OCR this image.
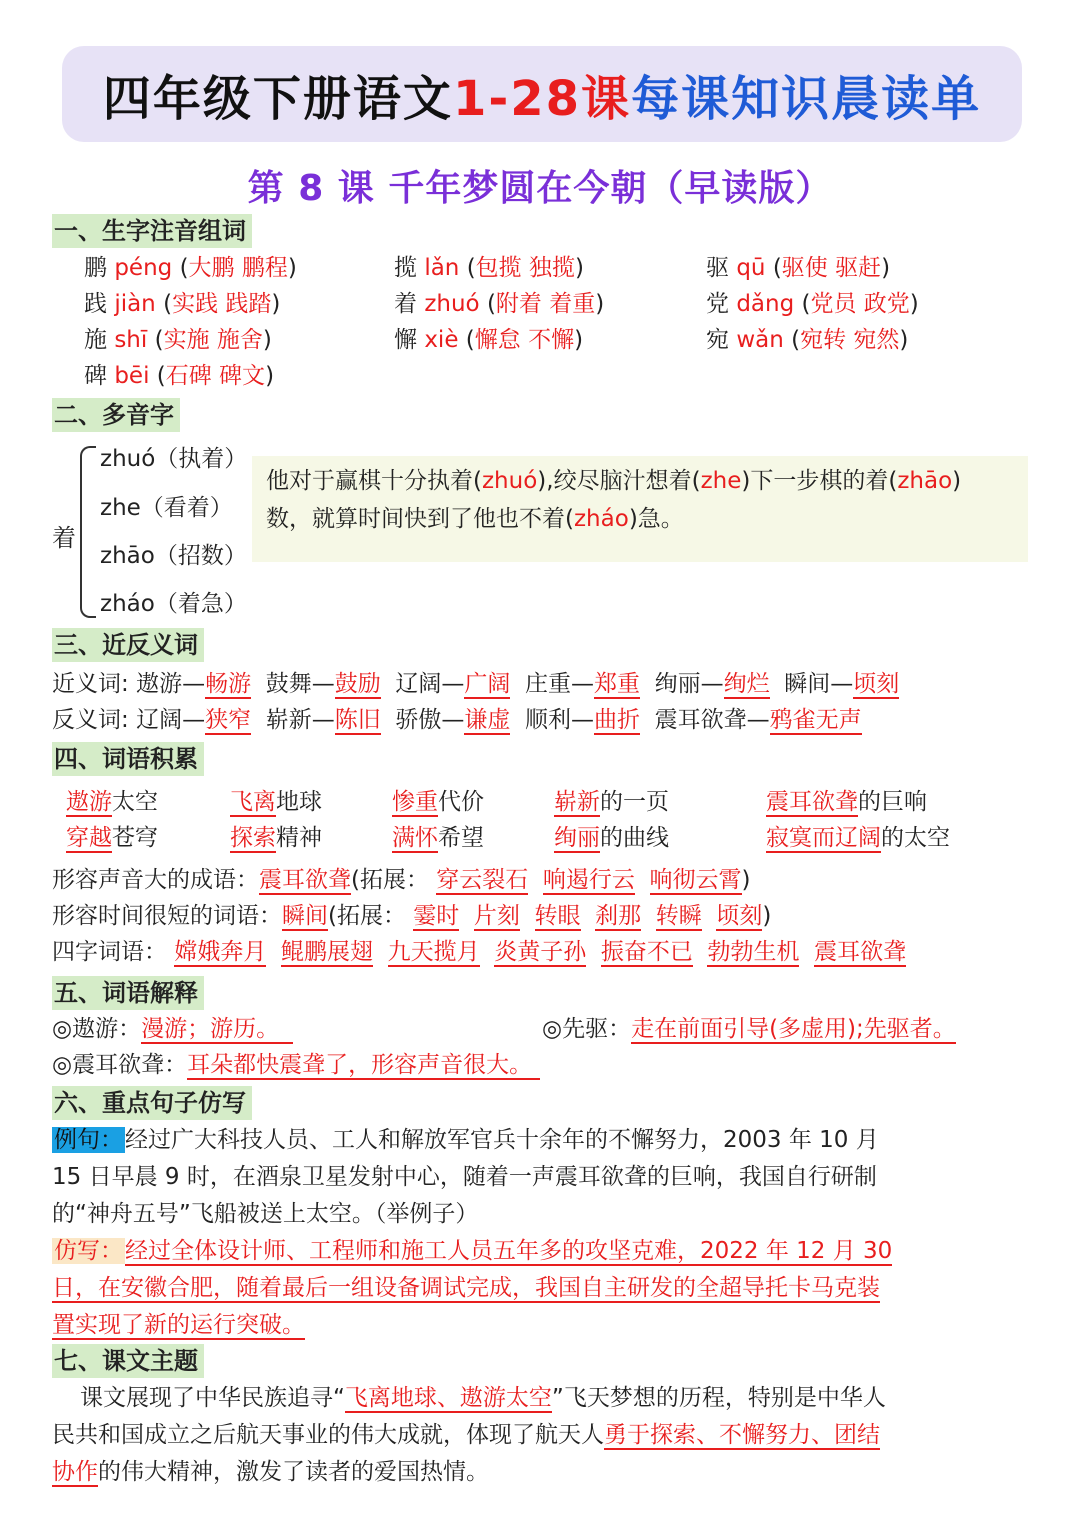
四年级下册语文 1-28课 每课知识晨读单
第 8 课 千年梦圆在今朝（早读版）
一、生字注音组词
鹏 péng (大鹏 鹏程)	揽 lǎn (包揽 独揽)	驱 qū (驱使 驱赶)
践 jiàn (实践 践踏)	着 zhuó (附着 着重)	党 dǎng (党员 政党)
施 shī (实施 施舍)	懈 xiè (懈怠 不懈)	宛 wǎn (宛转 宛然)
碑 bēi (石碑 碑文)
二、多音字
着
zhuó（执着）
zhe（看着）
zhāo（招数）
zháo（着急）
他对于赢棋十分执着(zhuó),绞尽脑汁想着(zhe)下一步棋的着(zhāo)
数，就算时间快到了他也不着(zháo)急。
三、近反义词
近义词: 遨游—畅游 鼓舞—鼓励 辽阔—广阔 庄重—郑重 绚丽—绚烂 瞬间—顷刻
反义词: 辽阔—狭窄 崭新—陈旧 骄傲—谦虚 顺利—曲折 震耳欲聋—鸦雀无声
四、词语积累
遨游太空	飞离地球	惨重代价	崭新的一页	震耳欲聋的巨响
穿越苍穹	探索精神	满怀希望	绚丽的曲线	寂寞而辽阔的太空
形容声音大的成语：震耳欲聋(拓展： 穿云裂石 响遏行云 响彻云霄)
形容时间很短的词语：瞬间(拓展： 霎时 片刻 转眼 刹那 转瞬 顷刻)
四字词语： 嫦娥奔月 鲲鹏展翅 九天揽月 炎黄子孙 振奋不已 勃勃生机 震耳欲聋
五、词语解释
◎遨游：漫游；游历。	◎先驱：走在前面引导(多虚用);先驱者。
◎震耳欲聋：耳朵都快震聋了，形容声音很大。
六、重点句子仿写
例句：经过广大科技人员、工人和解放军官兵十余年的不懈努力，2003 年 10 月
15 日早晨 9 时，在酒泉卫星发射中心，随着一声震耳欲聋的巨响，我国自行研制
的“神舟五号”飞船被送上太空。（举例子）
仿写：经过全体设计师、工程师和施工人员五年多的攻坚克难，2022 年 12 月 30
日，在安徽合肥，随着最后一组设备调试完成，我国自主研发的全超导托卡马克装
置实现了新的运行突破。
七、课文主题
课文展现了中华民族追寻“飞离地球、遨游太空”飞天梦想的历程，特别是中华人
民共和国成立之后航天事业的伟大成就，体现了航天人勇于探索、不懈努力、团结
协作的伟大精神，激发了读者的爱国热情。
